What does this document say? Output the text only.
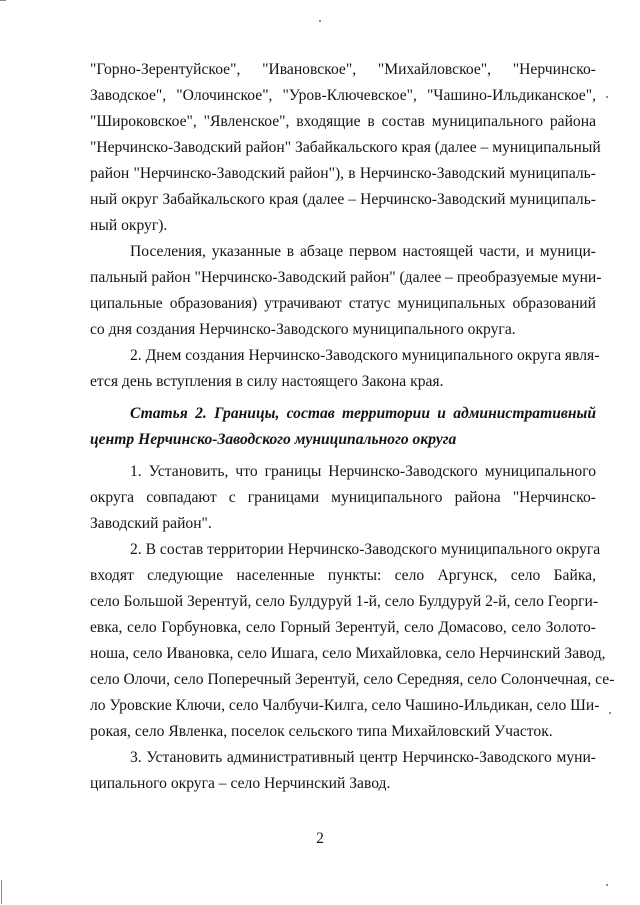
"Горно-Зерентуйское", "Ивановское", "Михайловское", "Нерчинско-
Заводское", "Олочинское", "Уров-Ключевское", "Чашино-Ильдиканское",
"Широковское", "Явленское", входящие в состав муниципального района
"Нерчинско-Заводский район" Забайкальского края (далее – муниципальный
район "Нерчинско-Заводский район"), в Нерчинско-Заводский муниципаль-
ный округ Забайкальского края (далее – Нерчинско-Заводский муниципаль-
ный округ).
Поселения, указанные в абзаце первом настоящей части, и муници-
пальный район "Нерчинско-Заводский район" (далее – преобразуемые муни-
ципальные образования) утрачивают статус муниципальных образований
со дня создания Нерчинско-Заводского муниципального округа.
2. Днем создания Нерчинско-Заводского муниципального округа явля-
ется день вступления в силу настоящего Закона края.
Статья 2. Границы, состав территории и административный
центр Нерчинско-Заводского муниципального округа
1. Установить, что границы Нерчинско-Заводского муниципального
округа совпадают с границами муниципального района "Нерчинско-
Заводский район".
2. В состав территории Нерчинско-Заводского муниципального округа
входят следующие населенные пункты: село Аргунск, село Байка,
село Большой Зерентуй, село Булдуруй 1-й, село Булдуруй 2-й, село Георги-
евка, село Горбуновка, село Горный Зерентуй, село Домасово, село Золото-
ноша, село Ивановка, село Ишага, село Михайловка, село Нерчинский Завод,
село Олочи, село Поперечный Зерентуй, село Середняя, село Солончечная, се-
ло Уровские Ключи, село Чалбучи-Килга, село Чашино-Ильдикан, село Ши-
рокая, село Явленка, поселок сельского типа Михайловский Участок.
3. Установить административный центр Нерчинско-Заводского муни-
ципального округа – село Нерчинский Завод.
2
